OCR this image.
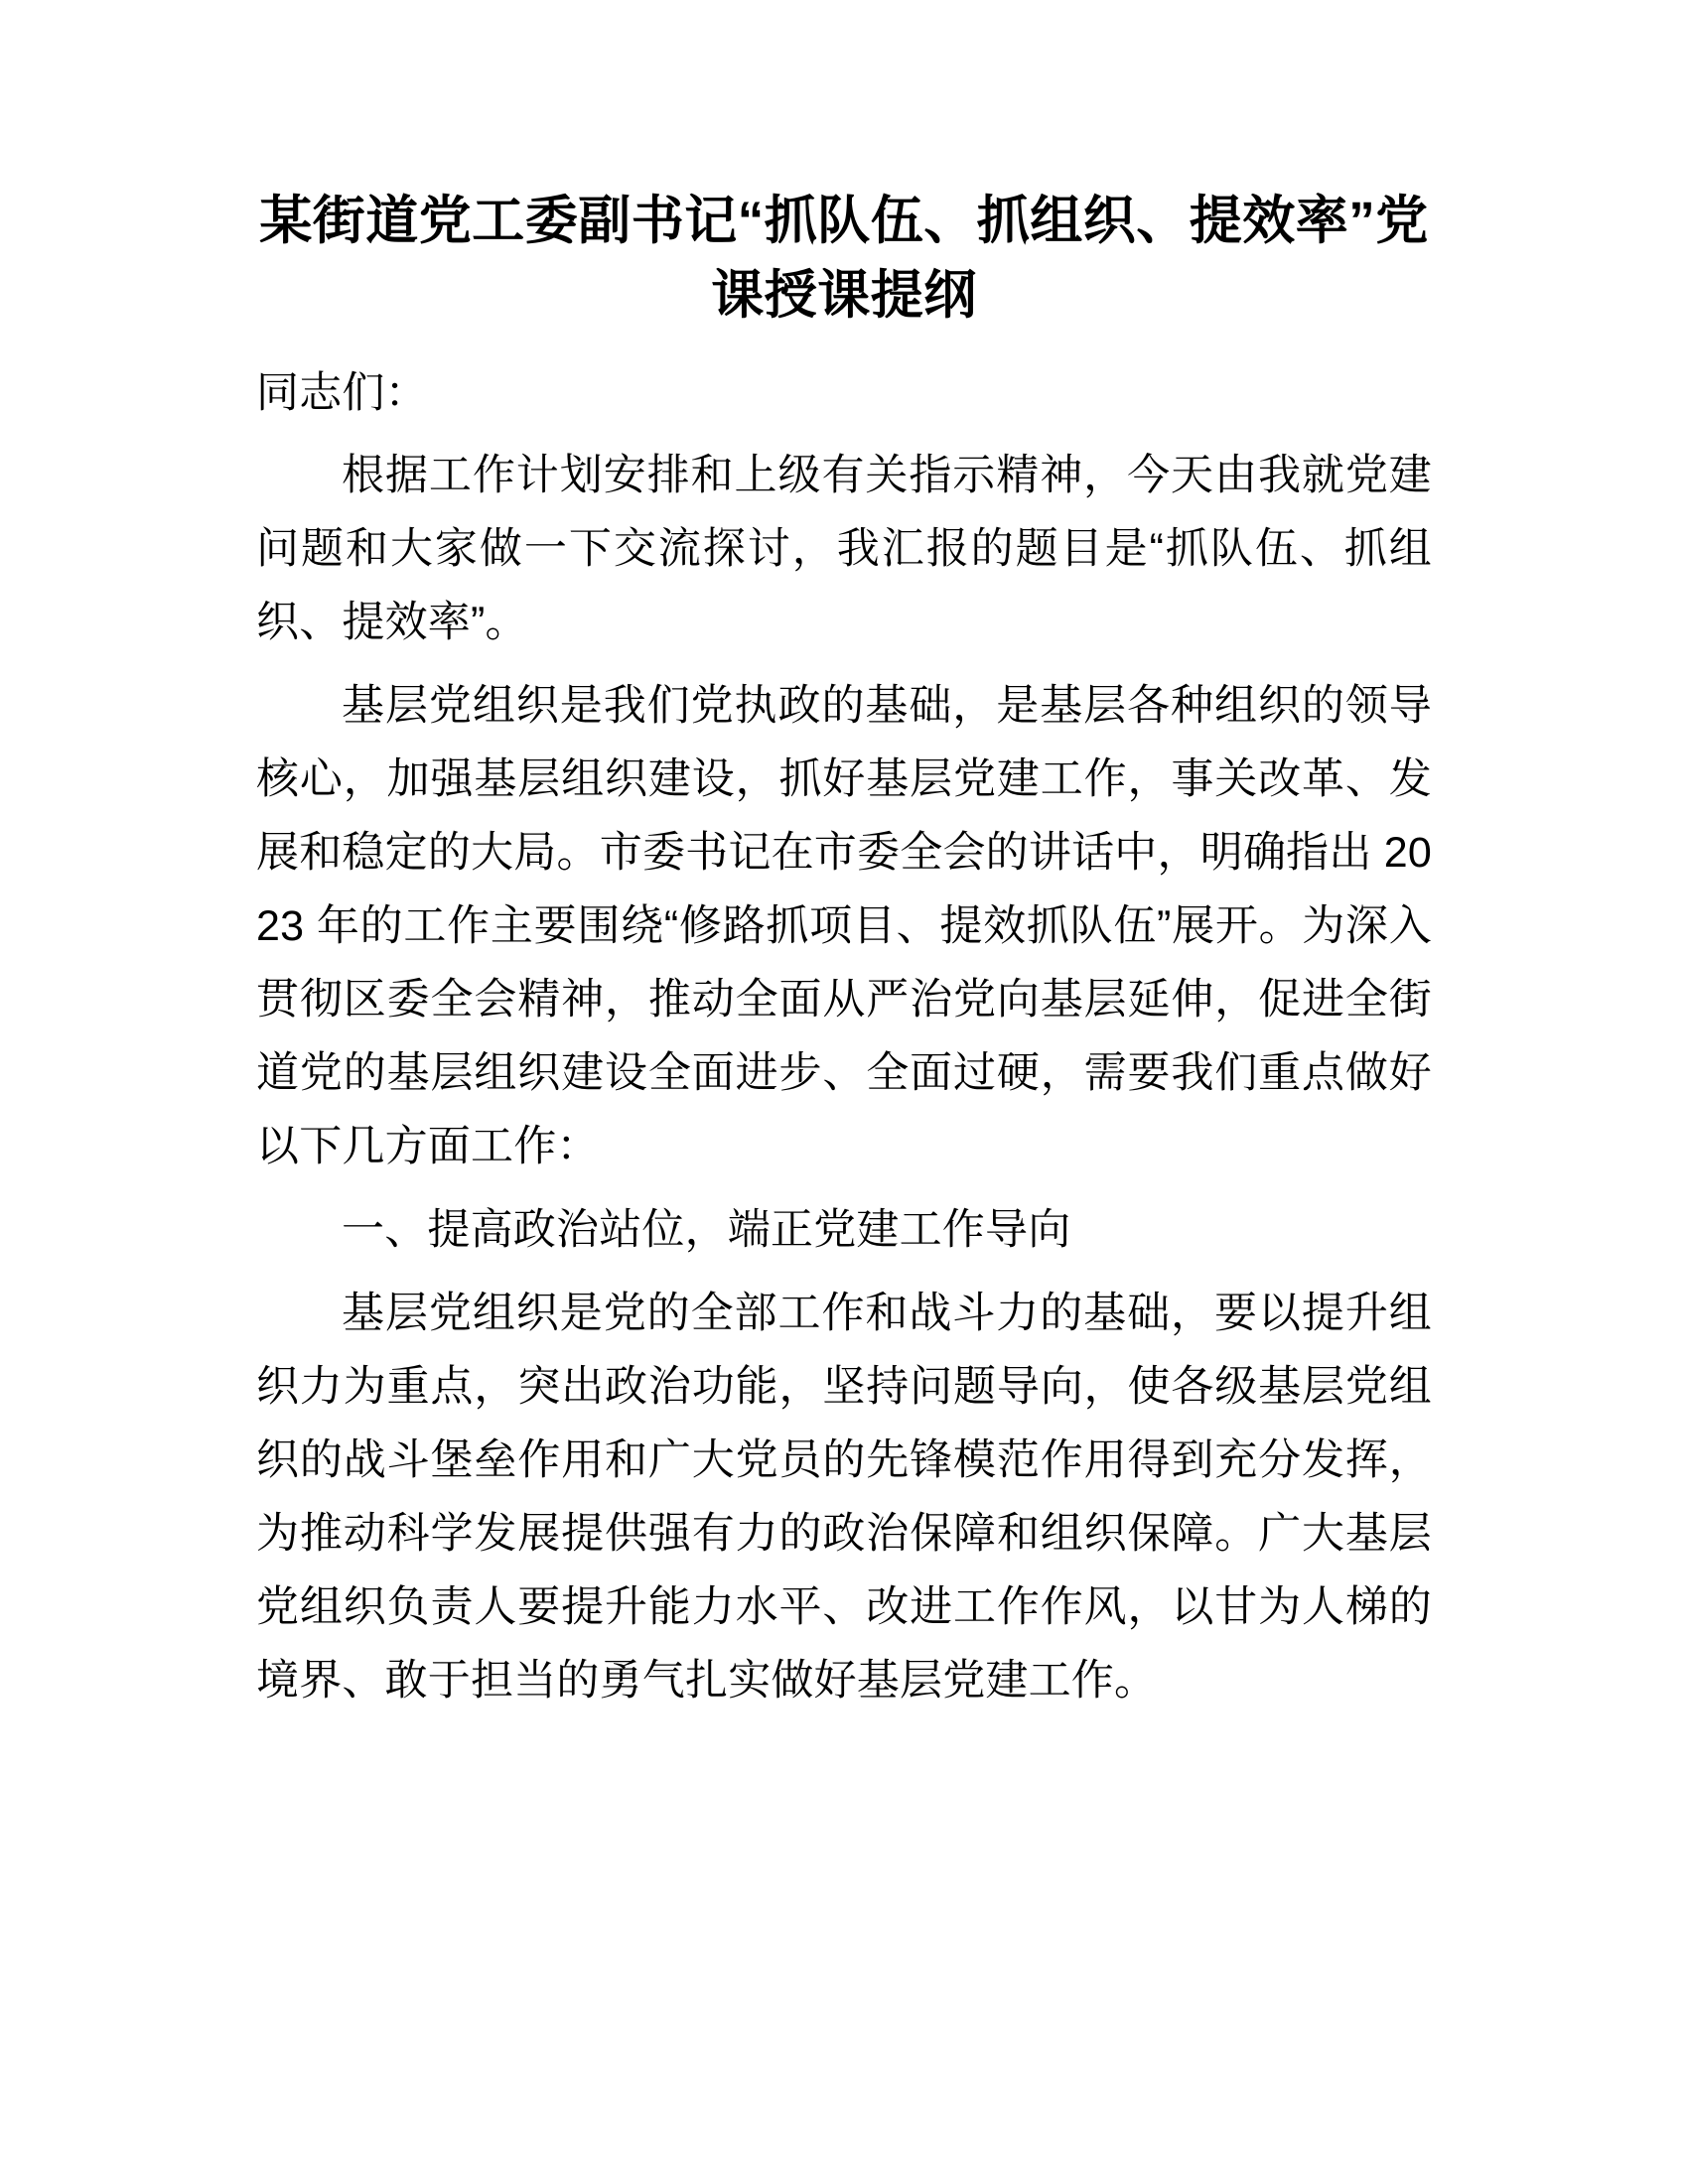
某街道党工委副书记“抓队伍、抓组织、提效率”党课授课提纲

同志们：

根据工作计划安排和上级有关指示精神，今天由我就党建问题和大家做一下交流探讨，我汇报的题目是“抓队伍、抓组织、提效率”。

基层党组织是我们党执政的基础，是基层各种组织的领导核心，加强基层组织建设，抓好基层党建工作，事关改革、发展和稳定的大局。市委书记在市委全会的讲话中，明确指出 2023 年的工作主要围绕“修路抓项目、提效抓队伍”展开。为深入贯彻区委全会精神，推动全面从严治党向基层延伸，促进全街道党的基层组织建设全面进步、全面过硬，需要我们重点做好以下几方面工作：

一、提高政治站位，端正党建工作导向

基层党组织是党的全部工作和战斗力的基础，要以提升组织力为重点，突出政治功能，坚持问题导向，使各级基层党组织的战斗堡垒作用和广大党员的先锋模范作用得到充分发挥，为推动科学发展提供强有力的政治保障和组织保障。广大基层党组织负责人要提升能力水平、改进工作作风，以甘为人梯的境界、敢于担当的勇气扎实做好基层党建工作。
